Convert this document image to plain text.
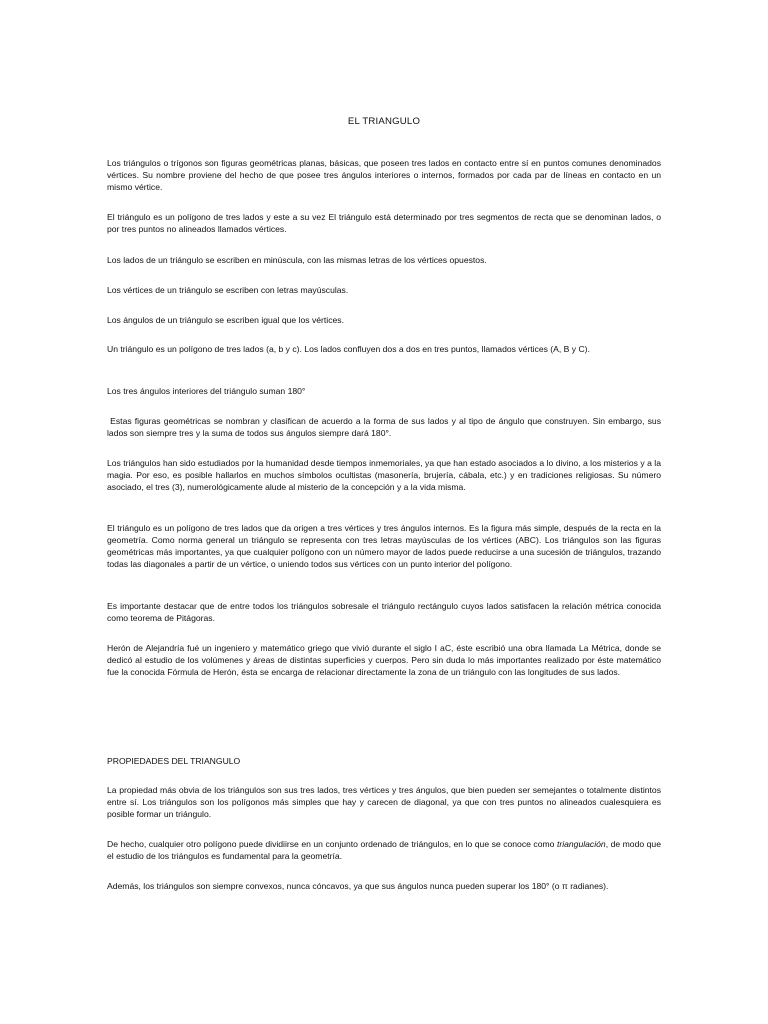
EL TRIANGULO

Los triángulos o trígonos son figuras geométricas planas, básicas, que poseen tres lados en contacto entre sí en puntos comunes denominados vértices. Su nombre proviene del hecho de que posee tres ángulos interiores o internos, formados por cada par de líneas en contacto en un mismo vértice.

El triángulo es un polígono de tres lados y este a su vez El triángulo está determinado por tres segmentos de recta que se denominan lados, o por tres puntos no alineados llamados vértices.

Los lados de un triángulo se escriben en minúscula, con las mismas letras de los vértices opuestos.

Los vértices de un triángulo se escriben con letras mayúsculas.

Los ángulos de un triángulo se escriben igual que los vértices.

Un triángulo es un polígono de tres lados (a, b y c). Los lados confluyen dos a dos en tres puntos, llamados vértices (A, B y C).

Los tres ángulos interiores del triángulo suman 180°

Estas figuras geométricas se nombran y clasifican de acuerdo a la forma de sus lados y al tipo de ángulo que construyen. Sin embargo, sus lados son siempre tres y la suma de todos sus ángulos siempre dará 180°.

Los triángulos han sido estudiados por la humanidad desde tiempos inmemoriales, ya que han estado asociados a lo divino, a los misterios y a la magia. Por eso, es posible hallarlos en muchos símbolos ocultistas (masonería, brujería, cábala, etc.) y en tradiciones religiosas. Su número asociado, el tres (3), numerológicamente alude al misterio de la concepción y a la vida misma.

El triángulo es un polígono de tres lados que da origen a tres vértices y tres ángulos internos. Es la figura más simple, después de la recta en la geometría. Como norma general un triángulo se representa con tres letras mayúsculas de los vértices (ABC). Los triángulos son las figuras geométricas más importantes, ya que cualquier polígono con un número mayor de lados puede reducirse a una sucesión de triángulos, trazando todas las diagonales a partir de un vértice, o uniendo todos sus vértices con un punto interior del polígono.

Es importante destacar que de entre todos los triángulos sobresale el triángulo rectángulo cuyos lados satisfacen la relación métrica conocida como teorema de Pitágoras.

Herón de Alejandría fué un ingeniero y matemático griego que vivió durante el siglo I aC, éste escribió una obra llamada La Métrica, donde se dedicó al estudio de los volúmenes y áreas de distintas superficies y cuerpos. Pero sin duda lo más importantes realizado por éste matemático fue la conocida Fórmula de Herón, ésta se encarga de relacionar directamente la zona de un triángulo con las longitudes de sus lados.

PROPIEDADES DEL TRIANGULO

La propiedad más obvia de los triángulos son sus tres lados, tres vértices y tres ángulos, que bien pueden ser semejantes o totalmente distintos entre sí. Los triángulos son los polígonos más simples que hay y carecen de diagonal, ya que con tres puntos no alineados cualesquiera es posible formar un triángulo.

De hecho, cualquier otro polígono puede dividiirse en un conjunto ordenado de triángulos, en lo que se conoce como triangulación, de modo que el estudio de los triángulos es fundamental para la geometría.

Además, los triángulos son siempre convexos, nunca cóncavos, ya que sus ángulos nunca pueden superar los 180° (o π radianes).
